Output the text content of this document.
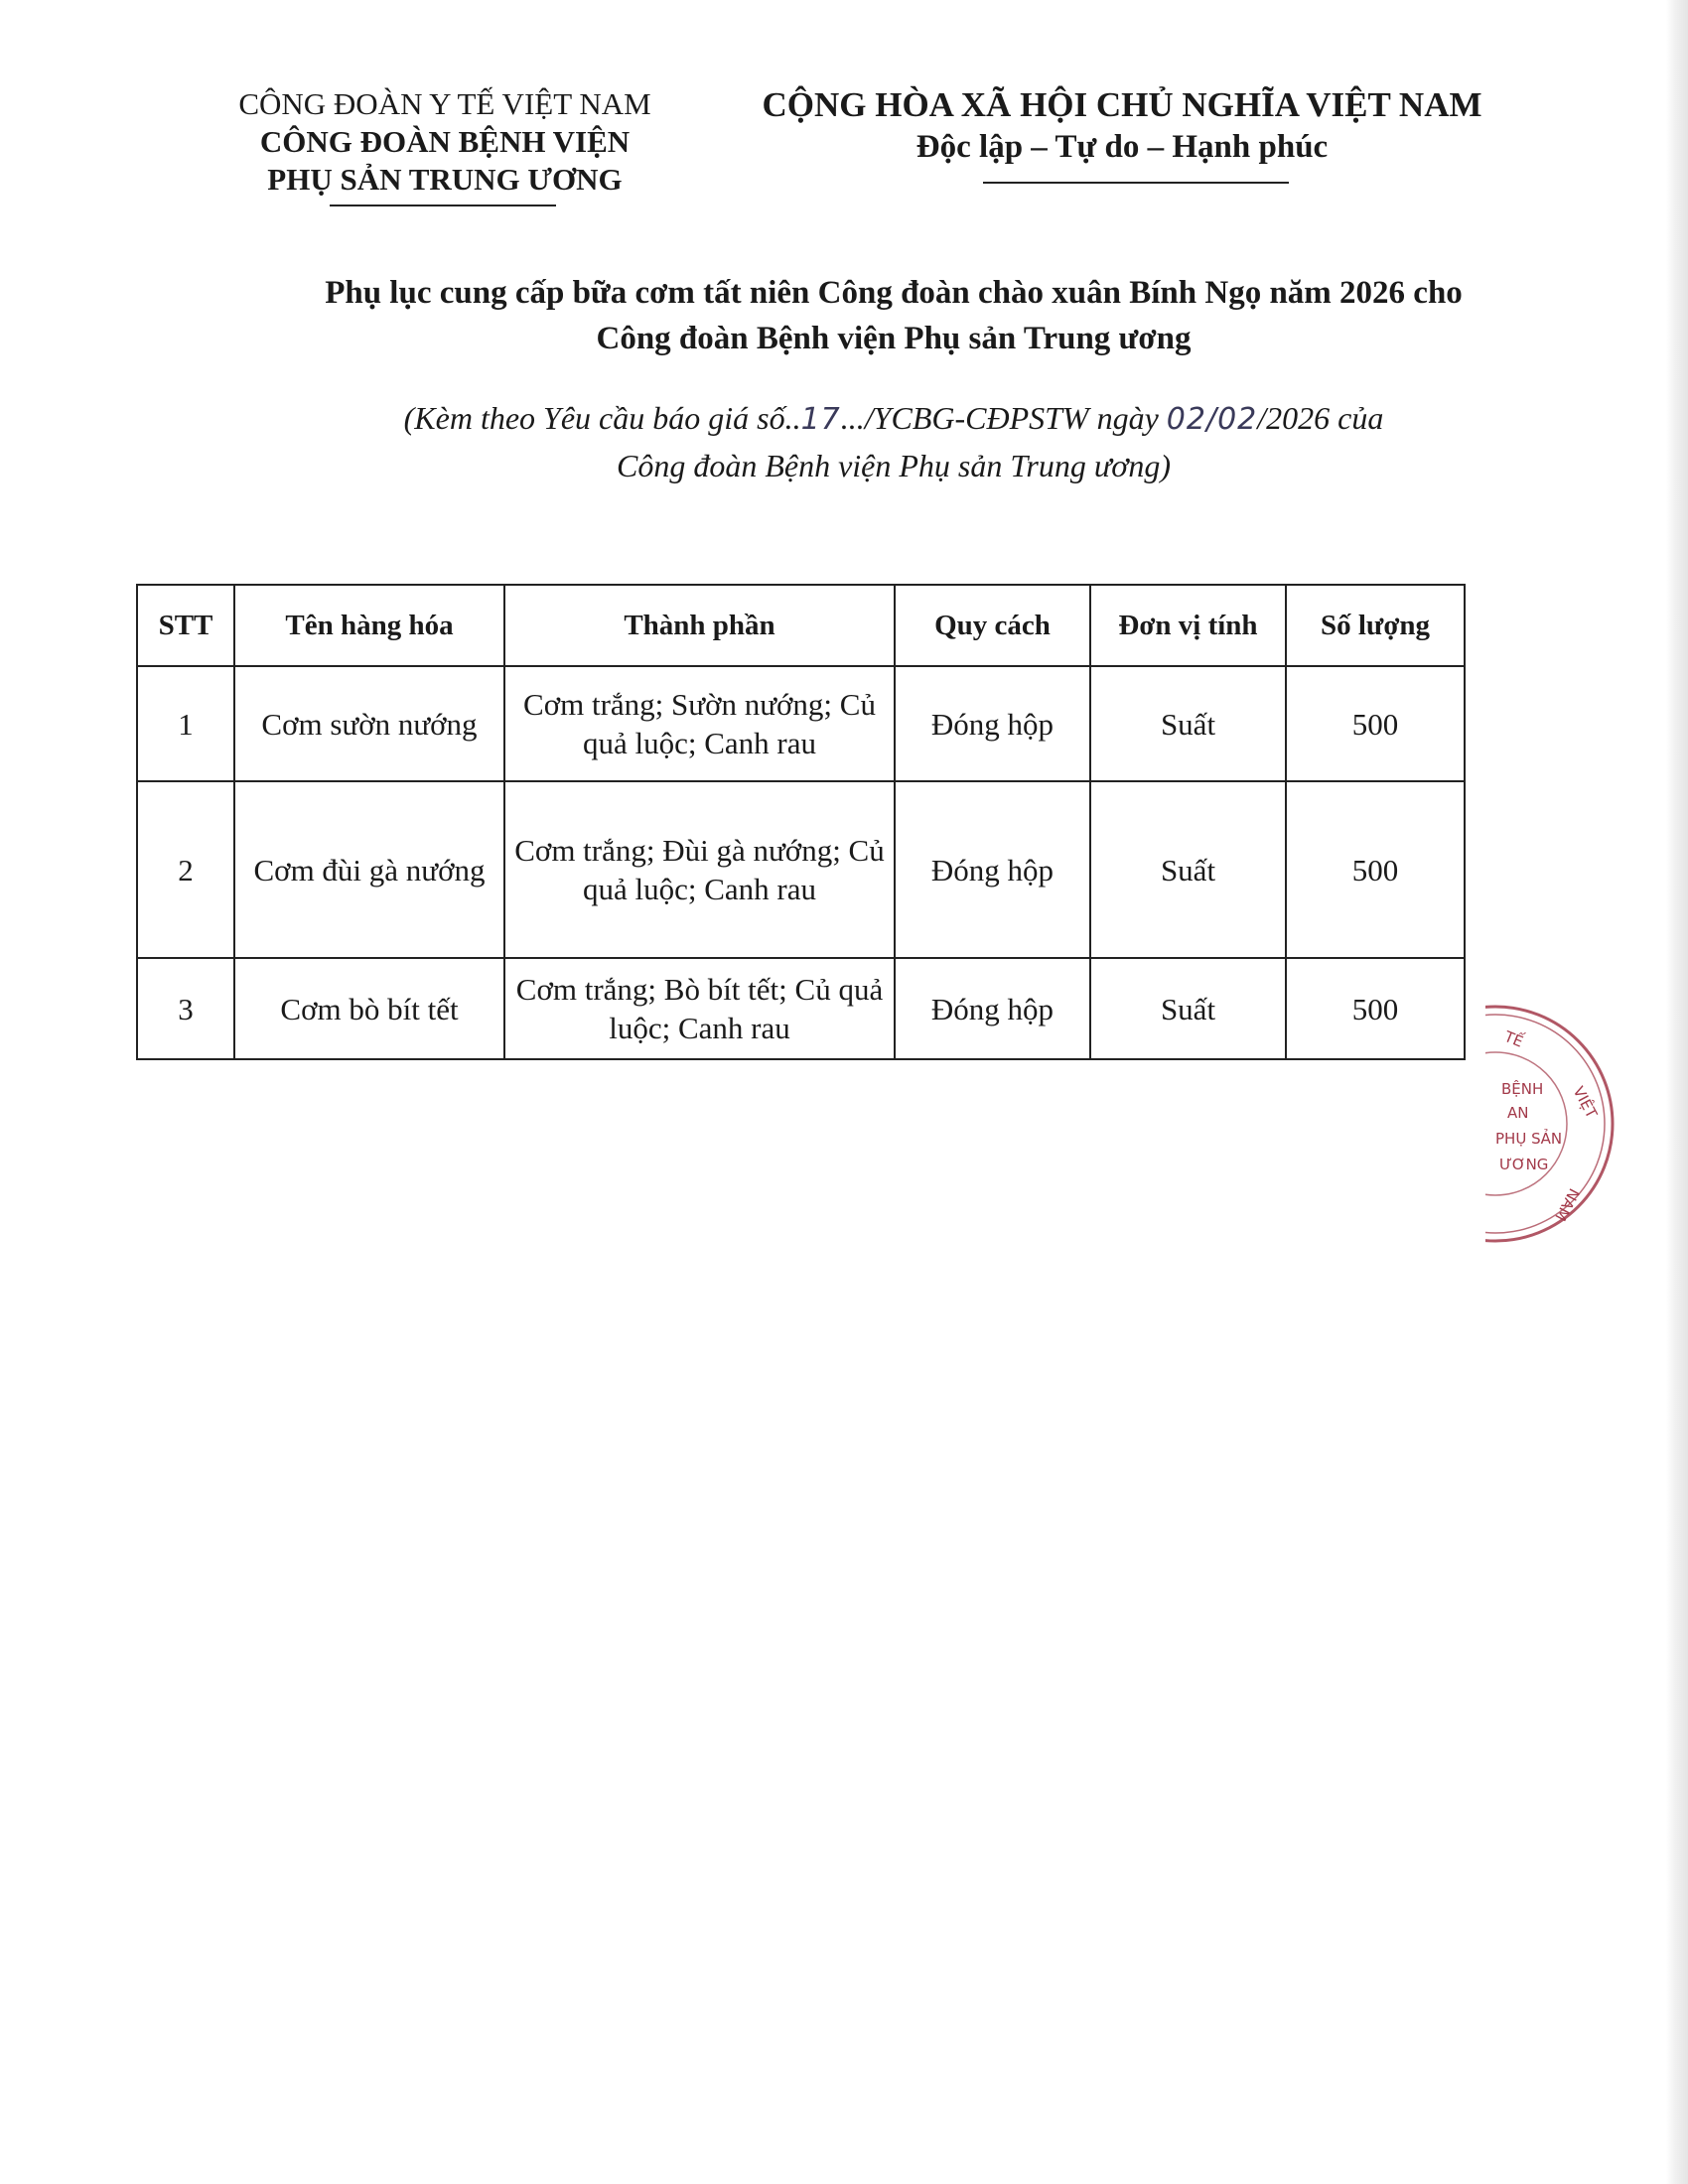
CÔNG ĐOÀN Y TẾ VIỆT NAM
CÔNG ĐOÀN BỆNH VIỆN
PHỤ SẢN TRUNG ƯƠNG
CỘNG HÒA XÃ HỘI CHỦ NGHĨA VIỆT NAM
Độc lập – Tự do – Hạnh phúc
Phụ lục cung cấp bữa cơm tất niên Công đoàn chào xuân Bính Ngọ năm 2026 cho
Công đoàn Bệnh viện Phụ sản Trung ương
(Kèm theo Yêu cầu báo giá số..17.../YCBG-CĐPSTW ngày 02/02/2026 của
Công đoàn Bệnh viện Phụ sản Trung ương)
STT	Tên hàng hóa	Thành phần	Quy cách	Đơn vị tính	Số lượng
1	Cơm sườn nướng	Cơm trắng; Sườn nướng; Củ quả luộc; Canh rau	Đóng hộp	Suất	500
2	Cơm đùi gà nướng	Cơm trắng; Đùi gà nướng; Củ quả luộc; Canh rau	Đóng hộp	Suất	500
3	Cơm bò bít tết	Cơm trắng; Bò bít tết; Củ quả luộc; Canh rau	Đóng hộp	Suất	500
TẾ
VIỆT
NAM
BỆNH
AN
PHỤ SẢN
ƯƠNG
